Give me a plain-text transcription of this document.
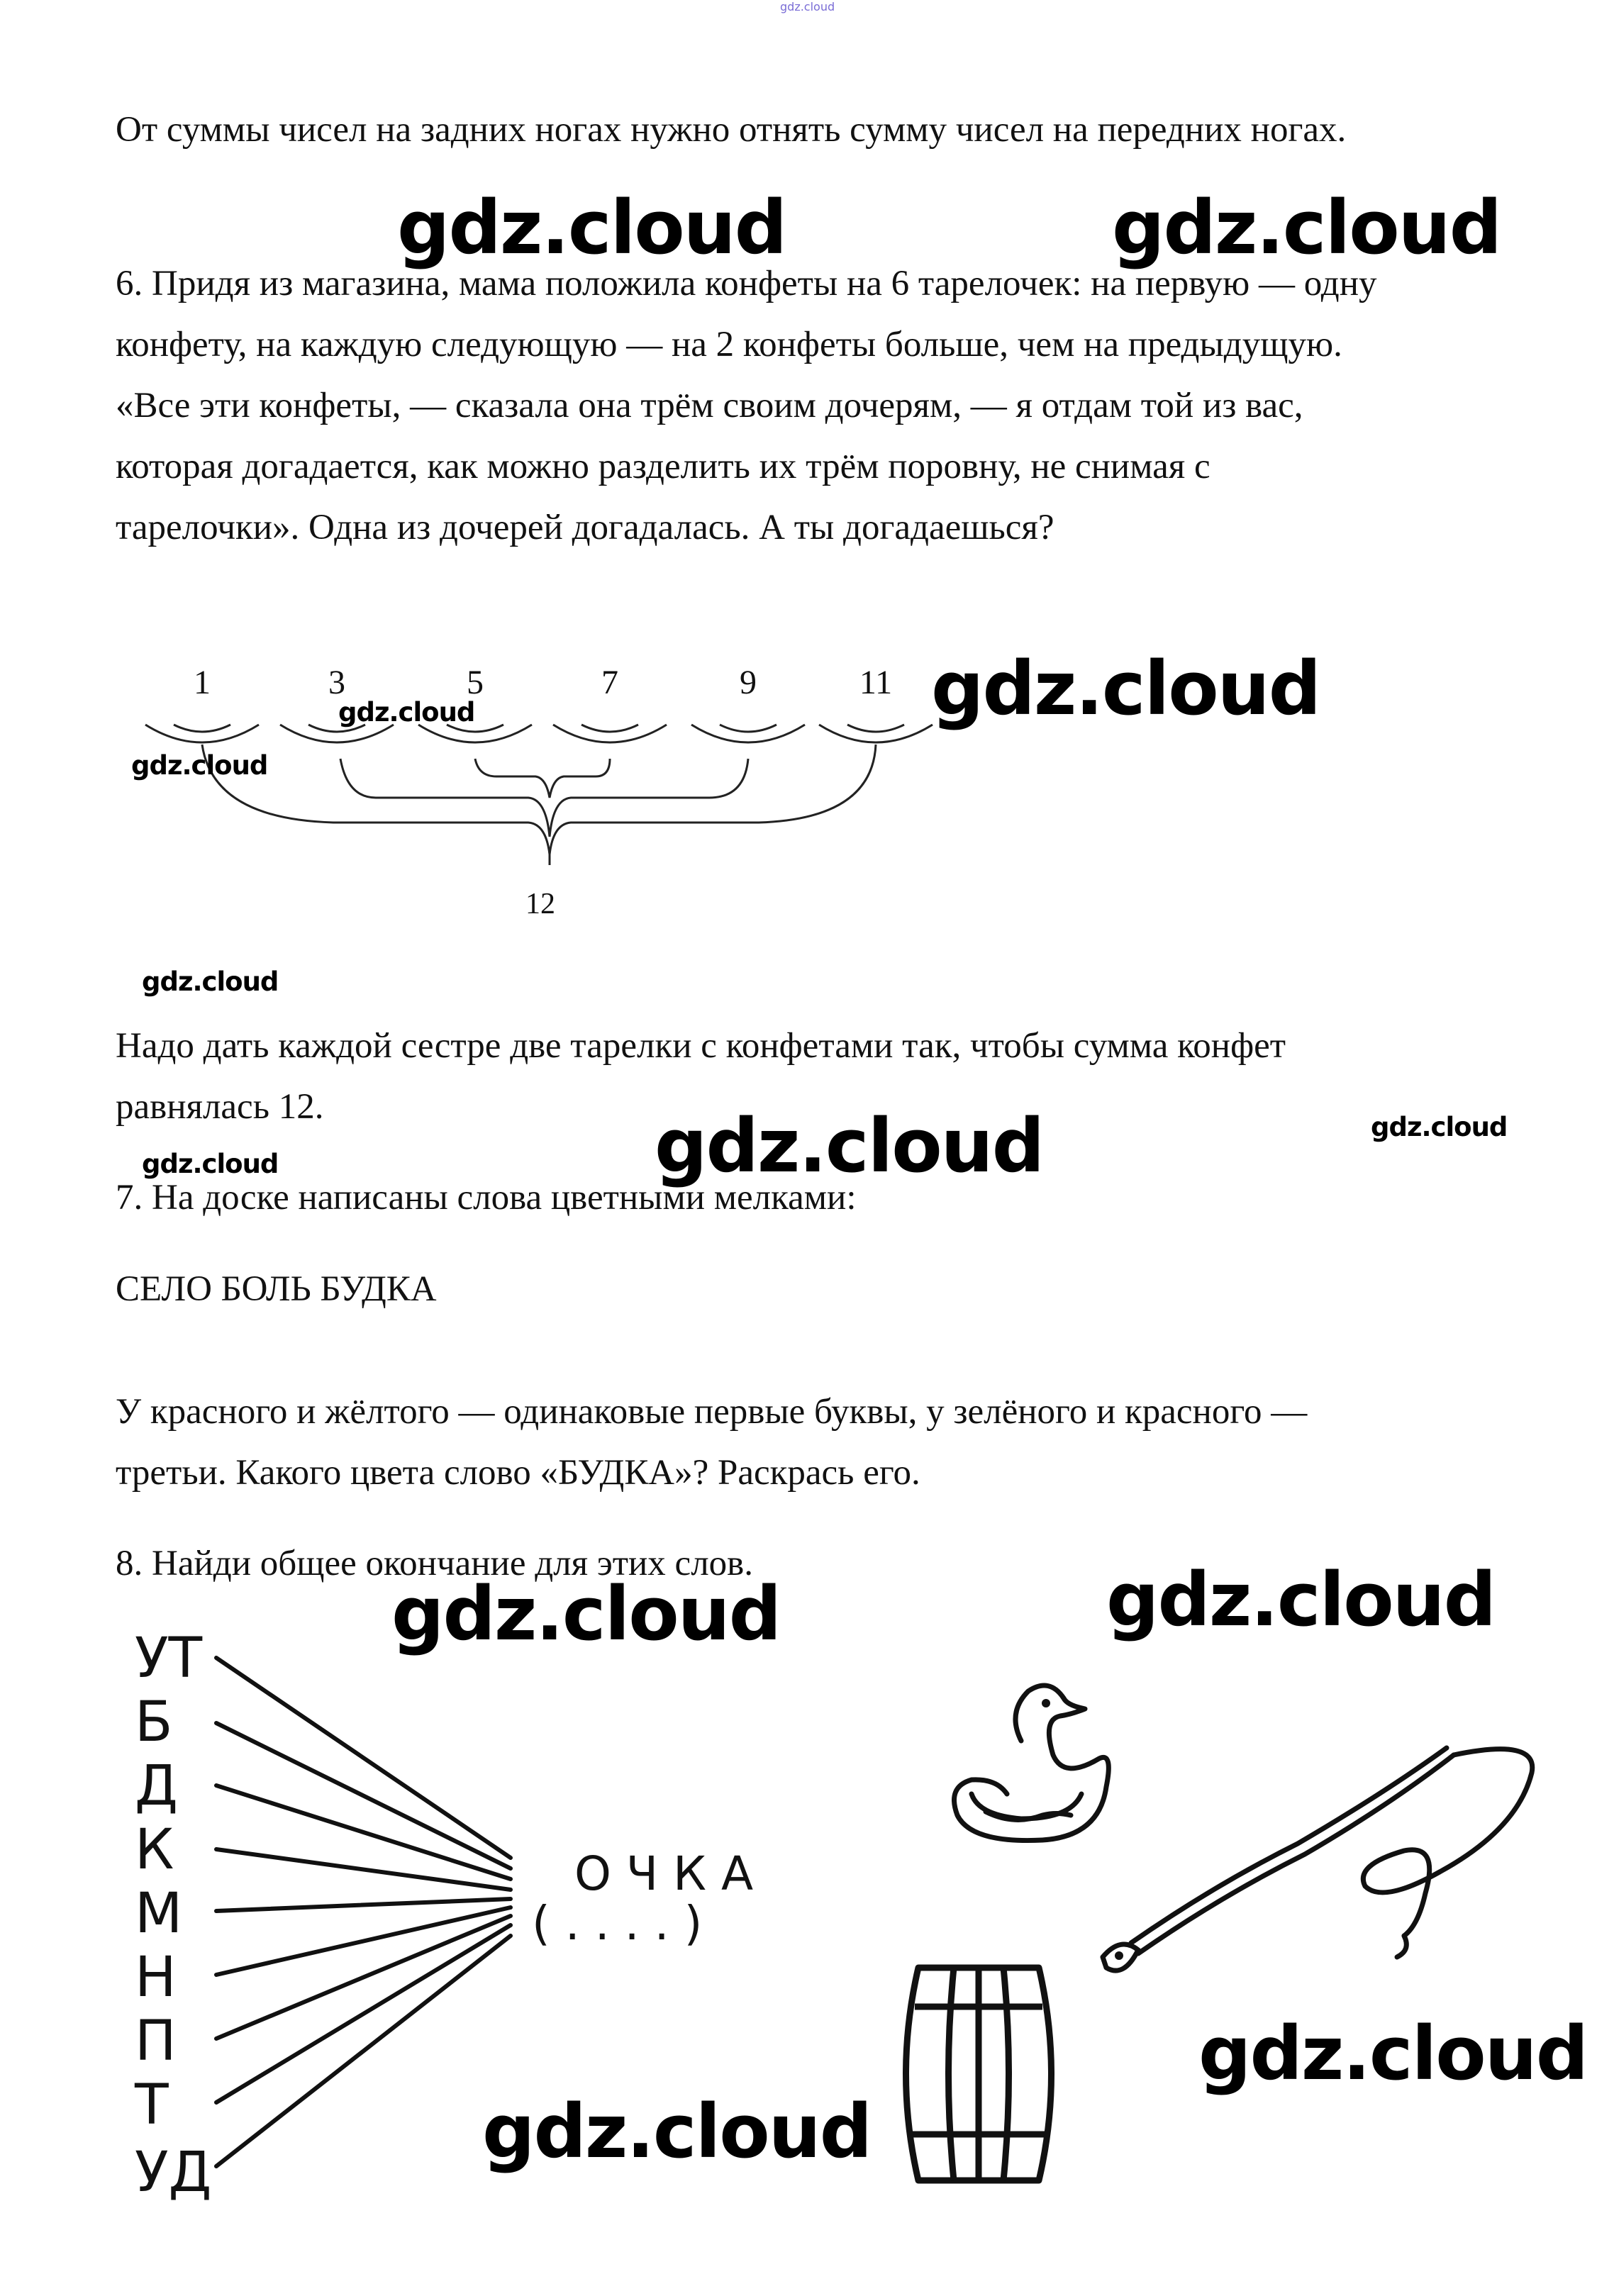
gdz.cloud

От суммы чисел на задних ногах нужно отнять сумму чисел на передних ногах.

6. Придя из магазина, мама положила конфеты на 6 тарелочек: на первую — одну конфету, на каждую следующую — на 2 конфеты больше, чем на предыдущую. «Все эти конфеты, — сказала она трём своим дочерям, — я отдам той из вас, которая догадается, как можно разделить их трём поровну, не снимая с тарелочки». Одна из дочерей догадалась. А ты догадаешься?

1	3	5	7	9	11
12

Надо дать каждой сестре две тарелки с конфетами так, чтобы сумма конфет равнялась 12.

7. На доске написаны слова цветными мелками:

СЕЛО БОЛЬ БУДКА

У красного и жёлтого — одинаковые первые буквы, у зелёного и красного — третьи. Какого цвета слово «БУДКА»? Раскрась его.

8. Найди общее окончание для этих слов.

УТ
Б
Д
К
М
Н
П
Т
УД
О Ч К А
( . . . . )
gdz.cloud	gdz.cloud
gdz.cloud
gdz.cloud
gdz.cloud
gdz.cloud
gdz.cloud	gdz.cloud
gdz.cloud
gdz.cloud	gdz.cloud
gdz.cloud
gdz.cloud
